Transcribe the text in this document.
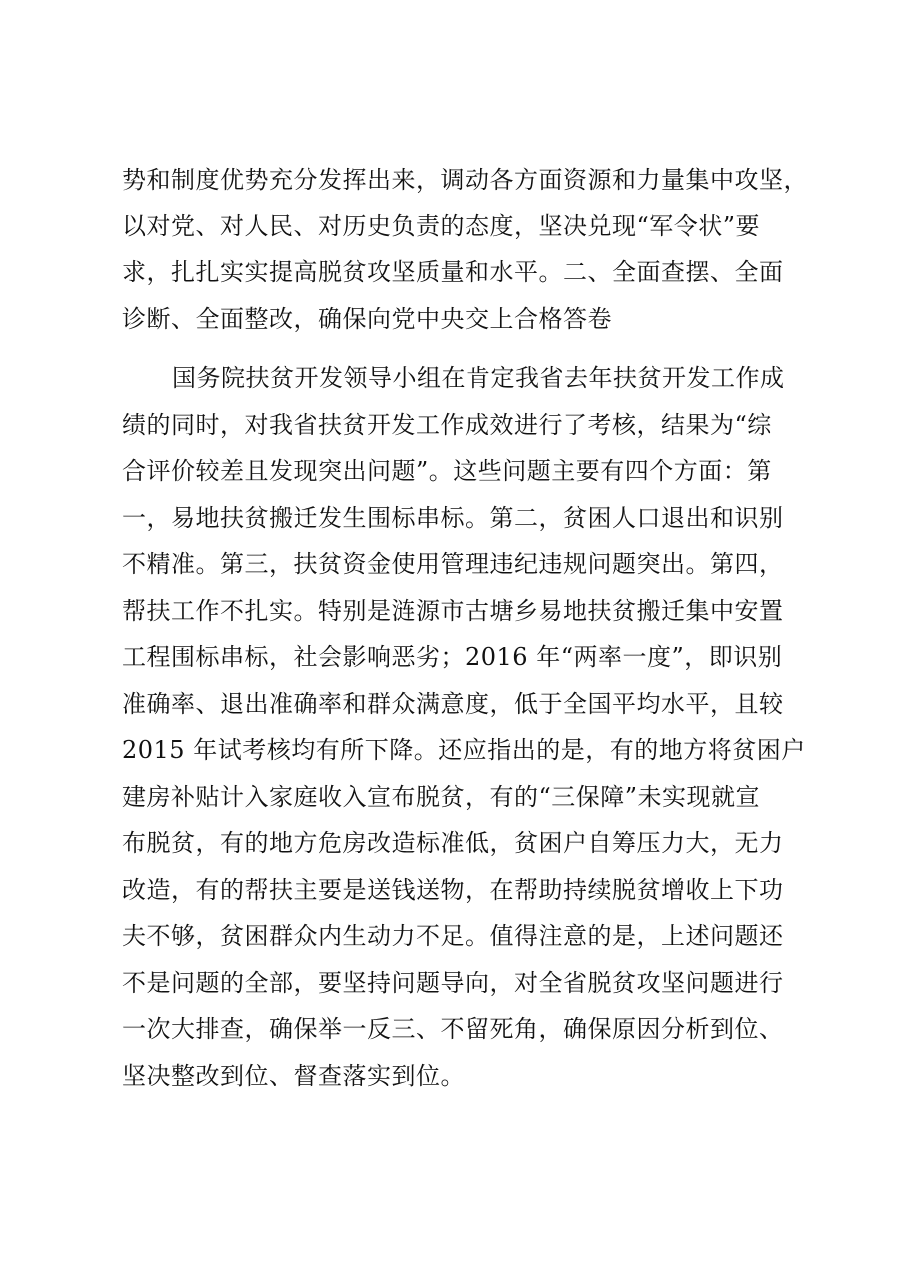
势和制度优势充分发挥出来，调动各方面资源和力量集中攻坚，
以对党、对人民、对历史负责的态度，坚决兑现“军令状”要
求，扎扎实实提高脱贫攻坚质量和水平。二、全面查摆、全面
诊断、全面整改，确保向党中央交上合格答卷
国务院扶贫开发领导小组在肯定我省去年扶贫开发工作成
绩的同时，对我省扶贫开发工作成效进行了考核，结果为“综
合评价较差且发现突出问题”。这些问题主要有四个方面：第
一，易地扶贫搬迁发生围标串标。第二，贫困人口退出和识别
不精准。第三，扶贫资金使用管理违纪违规问题突出。第四，
帮扶工作不扎实。特别是涟源市古塘乡易地扶贫搬迁集中安置
工程围标串标，社会影响恶劣；2016 年“两率一度”，即识别
准确率、退出准确率和群众满意度，低于全国平均水平，且较
2015 年试考核均有所下降。还应指出的是，有的地方将贫困户
建房补贴计入家庭收入宣布脱贫，有的“三保障”未实现就宣
布脱贫，有的地方危房改造标准低，贫困户自筹压力大，无力
改造，有的帮扶主要是送钱送物，在帮助持续脱贫增收上下功
夫不够，贫困群众内生动力不足。值得注意的是，上述问题还
不是问题的全部，要坚持问题导向，对全省脱贫攻坚问题进行
一次大排查，确保举一反三、不留死角，确保原因分析到位、
坚决整改到位、督查落实到位。
